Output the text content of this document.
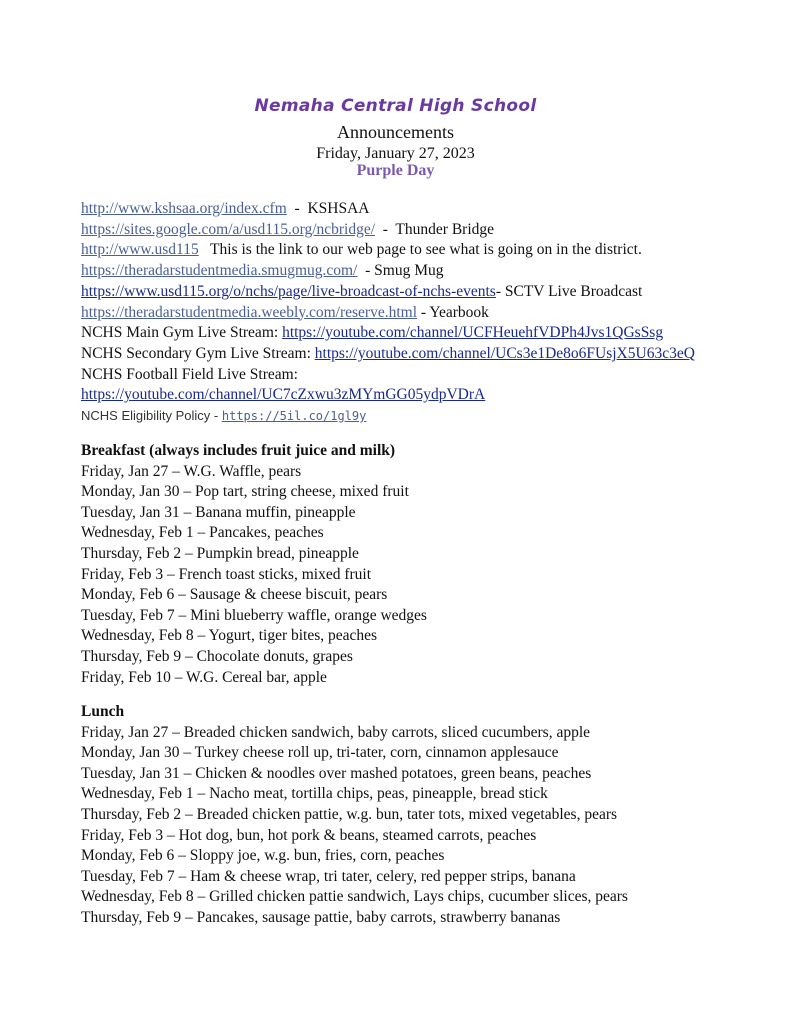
Nemaha Central High School
Announcements
Friday, January 27, 2023
Purple Day
http://www.kshsaa.org/index.cfm  -  KSHSAA
https://sites.google.com/a/usd115.org/ncbridge/  -  Thunder Bridge
http://www.usd115   This is the link to our web page to see what is going on in the district.
https://theradarstudentmedia.smugmug.com/  - Smug Mug
https://www.usd115.org/o/nchs/page/live-broadcast-of-nchs-events- SCTV Live Broadcast
https://theradarstudentmedia.weebly.com/reserve.html - Yearbook
NCHS Main Gym Live Stream: https://youtube.com/channel/UCFHeuehfVDPh4Jvs1QGsSsg
NCHS Secondary Gym Live Stream: https://youtube.com/channel/UCs3e1De8o6FUsjX5U63c3eQ
NCHS Football Field Live Stream:
https://youtube.com/channel/UC7cZxwu3zMYmGG05ydpVDrA
NCHS Eligibility Policy - https://5il.co/1gl9y
Breakfast (always includes fruit juice and milk)
Friday, Jan 27 – W.G. Waffle, pears
Monday, Jan 30 – Pop tart, string cheese, mixed fruit
Tuesday, Jan 31 – Banana muffin, pineapple
Wednesday, Feb 1 – Pancakes, peaches
Thursday, Feb 2 – Pumpkin bread, pineapple
Friday, Feb 3 – French toast sticks, mixed fruit
Monday, Feb 6 – Sausage & cheese biscuit, pears
Tuesday, Feb 7 – Mini blueberry waffle, orange wedges
Wednesday, Feb 8 – Yogurt, tiger bites, peaches
Thursday, Feb 9 – Chocolate donuts, grapes
Friday, Feb 10 – W.G. Cereal bar, apple
Lunch
Friday, Jan 27 – Breaded chicken sandwich, baby carrots, sliced cucumbers, apple
Monday, Jan 30 – Turkey cheese roll up, tri-tater, corn, cinnamon applesauce
Tuesday, Jan 31 – Chicken & noodles over mashed potatoes, green beans, peaches
Wednesday, Feb 1 – Nacho meat, tortilla chips, peas, pineapple, bread stick
Thursday, Feb 2 – Breaded chicken pattie, w.g. bun, tater tots, mixed vegetables, pears
Friday, Feb 3 – Hot dog, bun, hot pork & beans, steamed carrots, peaches
Monday, Feb 6 – Sloppy joe, w.g. bun, fries, corn, peaches
Tuesday, Feb 7 – Ham & cheese wrap, tri tater, celery, red pepper strips, banana
Wednesday, Feb 8 – Grilled chicken pattie sandwich, Lays chips, cucumber slices, pears
Thursday, Feb 9 – Pancakes, sausage pattie, baby carrots, strawberry bananas
